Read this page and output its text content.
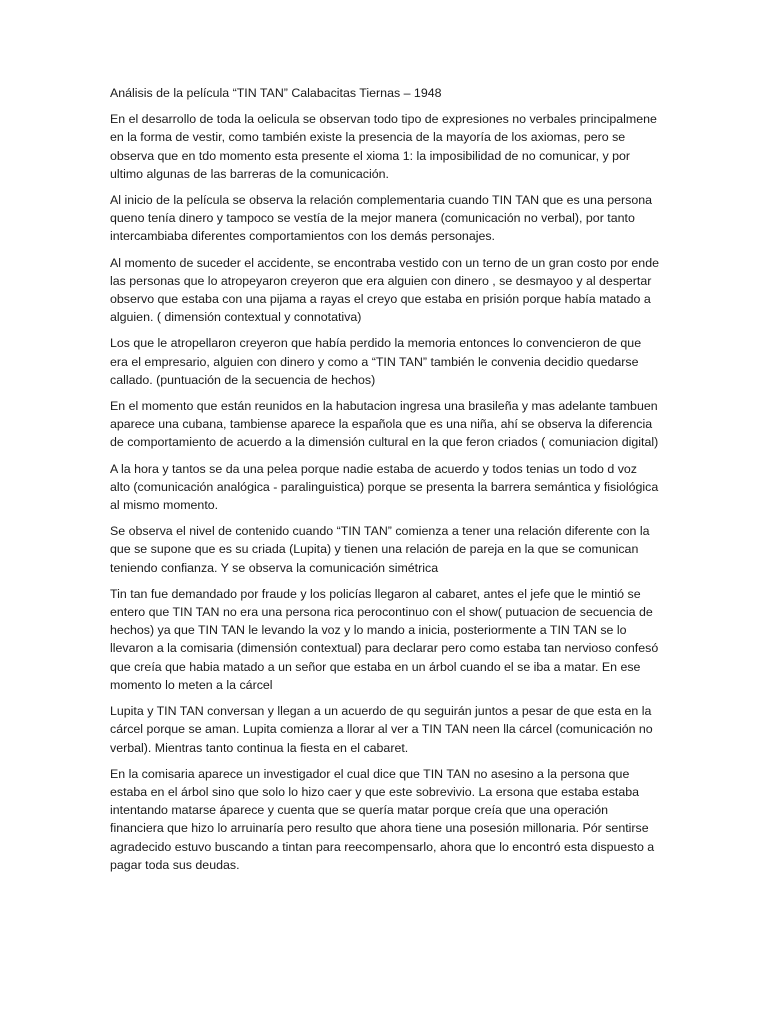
Análisis de la película “TIN TAN” Calabacitas Tiernas – 1948

En el desarrollo de toda la oelicula se observan todo tipo de expresiones no verbales principalmene en la forma de vestir, como también existe la presencia de la mayoría de los axiomas, pero se observa que en tdo momento esta presente el xioma 1: la imposibilidad de no comunicar, y por ultimo algunas de las barreras de la comunicación.

Al inicio de la película se observa la relación complementaria cuando TIN TAN que es una persona queno tenía dinero y tampoco se vestía de la mejor manera (comunicación no verbal), por tanto intercambiaba diferentes comportamientos con los demás personajes.

Al momento de suceder el accidente, se encontraba vestido con un terno de un gran costo por ende las personas que lo atropeyaron creyeron que era alguien con dinero , se desmayoo y al despertar observo que estaba con una pijama a rayas el creyo que estaba en prisión porque había matado a alguien. ( dimensión contextual y connotativa)

Los que le atropellaron creyeron que había perdido la memoria entonces lo convencieron de que era el empresario, alguien con dinero y como a “TIN TAN” también le convenia decidio quedarse callado. (puntuación de la secuencia de hechos)

En el momento que están reunidos en la habutacion ingresa una brasileña y mas adelante tambuen aparece una cubana, tambiense aparece la española que es una niña, ahí se observa la diferencia de comportamiento de acuerdo a la dimensión cultural en la que feron criados ( comuniacion digital)

A la hora y tantos se da una pelea porque nadie estaba de acuerdo y todos tenias un todo d voz alto (comunicación analógica - paralinguistica) porque se presenta la barrera semántica y fisiológica al mismo momento.

Se observa el nivel de contenido cuando “TIN TAN” comienza a tener una relación diferente con la que se supone que es su criada (Lupita) y tienen una relación de pareja en la que se comunican teniendo confianza. Y se observa la comunicación simétrica

Tin tan fue demandado por fraude y los policías llegaron al cabaret, antes el jefe que le mintió se entero que TIN TAN no era una persona rica perocontinuo con el show( putuacion de secuencia de hechos) ya que TIN TAN le levando la voz y lo mando a inicia, posteriormente a TIN TAN se lo llevaron a la comisaria (dimensión contextual) para declarar pero como estaba tan nervioso confesó que creía que habia matado a un señor que estaba en un árbol cuando el se iba a matar. En ese momento lo meten a la cárcel

Lupita y TIN TAN conversan y llegan a un acuerdo de qu seguirán juntos a pesar de que esta en la cárcel porque se aman. Lupita comienza a llorar al ver a TIN TAN neen lla cárcel (comunicación no verbal). Mientras tanto continua la fiesta en el cabaret.

En la comisaria aparece un investigador el cual dice que TIN TAN no asesino a la persona que estaba en el árbol sino que solo lo hizo caer y que este sobrevivio. La ersona que estaba estaba intentando matarse áparece y cuenta que se quería matar porque creía que una operación financiera que hizo lo arruinaría pero resulto que ahora tiene una posesión millonaria. Pór sentirse agradecido estuvo buscando a tintan para reecompensarlo, ahora que lo encontró esta dispuesto a pagar toda sus deudas.
